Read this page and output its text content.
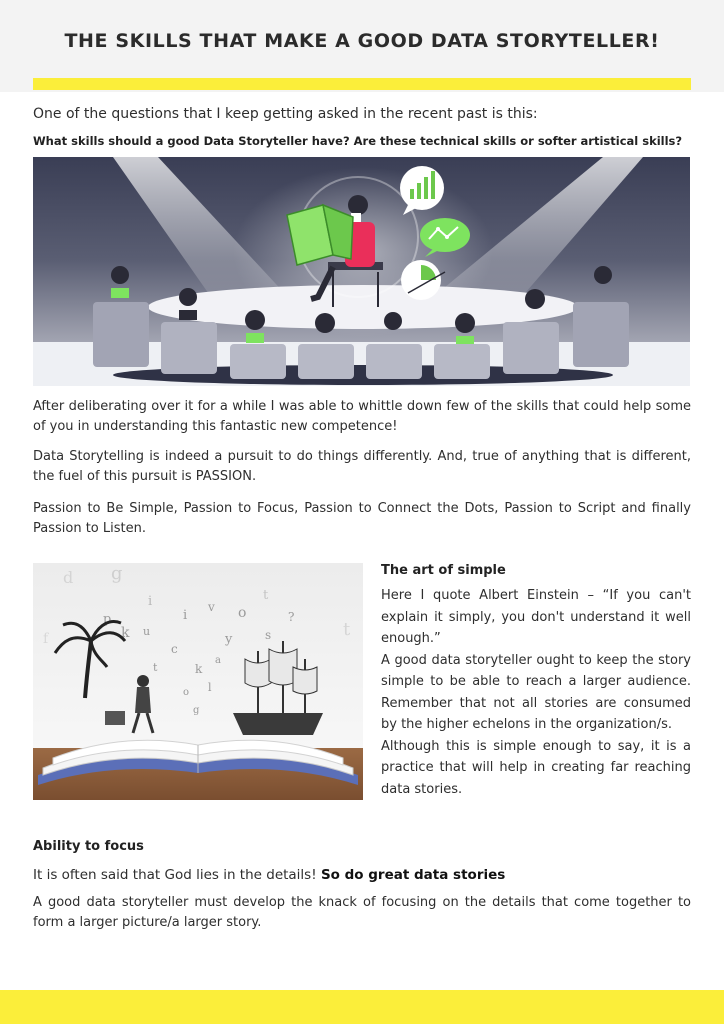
THE SKILLS THAT MAKE A GOOD DATA STORYTELLER!

One of the questions that I keep getting asked in the recent past is this:

What skills should a good Data Storyteller have? Are these technical skills or softer artistical skills?

After deliberating over it for a while I was able to whittle down few of the skills that could help some of you in understanding this fantastic new competence!

Data Storytelling is indeed a pursuit to do things differently. And, true of anything that is different, the fuel of this pursuit is PASSION.

Passion to Be Simple, Passion to Focus, Passion to Connect the Dots, Passion to Script and finally Passion to Listen.

d g
i
p
k u
i
v o
t
?
y	s
c
t	k
l
o
g
a
t
f
The art of simple
Here I quote Albert Einstein – “If you can't explain it simply, you don't understand it well enough.”
A good data storyteller ought to keep the story simple to be able to reach a larger audience. Remember that not all stories are consumed by the higher echelons in the organization/s.
Although this is simple enough to say, it is a practice that will help in creating far reaching data stories.
Ability to focus

It is often said that God lies in the details! So do great data stories

A good data storyteller must develop the knack of focusing on the details that come together to form a larger picture/a larger story.
